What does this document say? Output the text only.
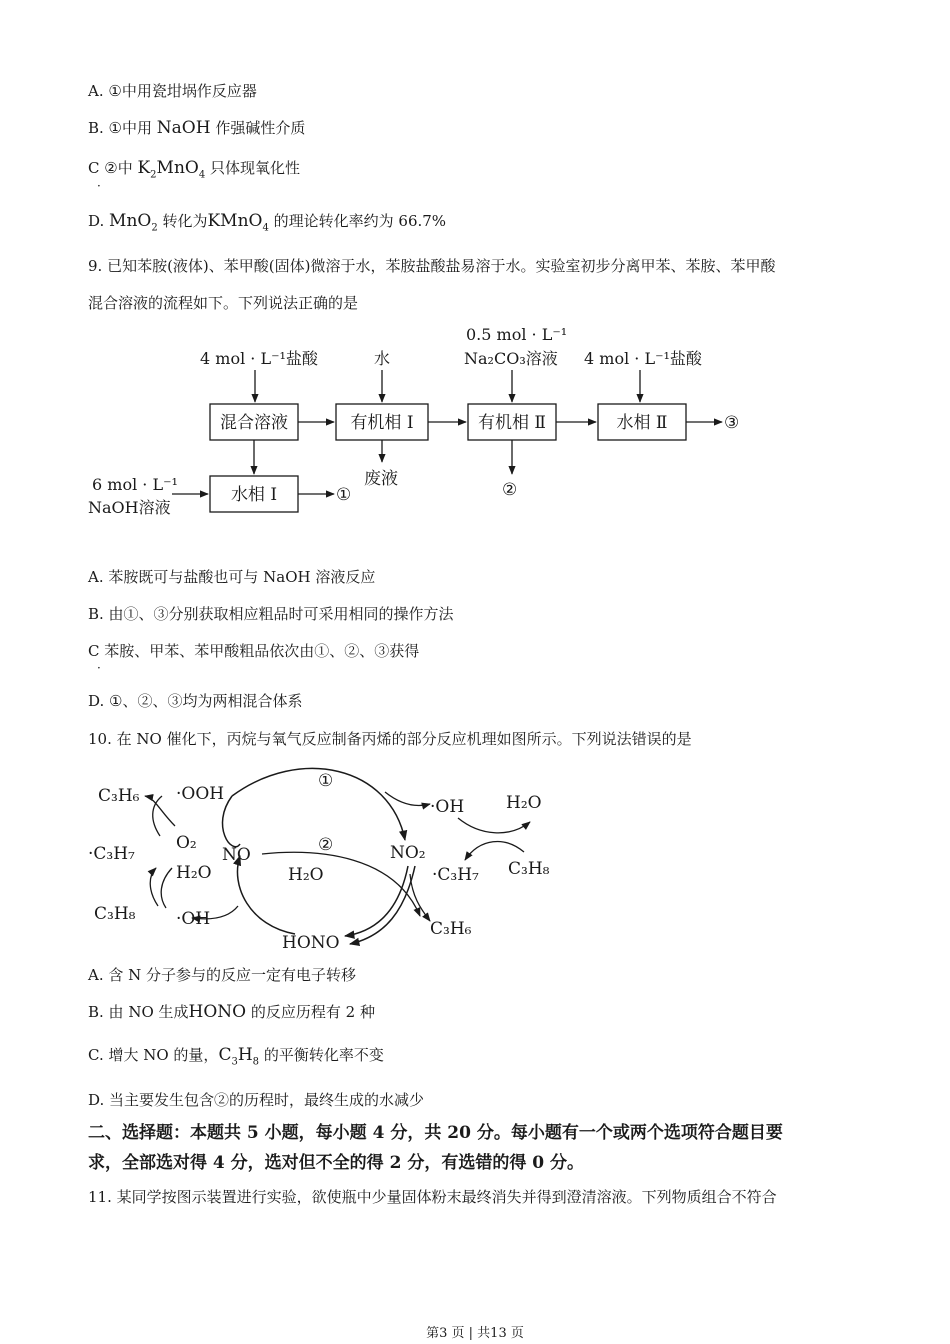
A. ①中用瓷坩埚作反应器
B. ①中用 NaOH 作强碱性介质
C ②中 $K_2MnO_4$ 只体现氧化性
·
D. MnO$_2$ 转化为KMnO$_4$ 的理论转化率约为 66.7%
9. 已知苯胺(液体)、苯甲酸(固体)微溶于水，苯胺盐酸盐易溶于水。实验室初步分离甲苯、苯胺、苯甲酸
混合溶液的流程如下。下列说法正确的是
4 mol · L⁻¹盐酸	水
0.5 mol · L⁻¹
Na₂CO₃溶液 4 mol · L⁻¹盐酸
混合溶液	有机相 I	有机相 Ⅱ	水相 Ⅱ
水相 I
③
废液
②
6 mol · L⁻¹
NaOH溶液
①
A. 苯胺既可与盐酸也可与 NaOH 溶液反应
B. 由①、③分别获取相应粗品时可采用相同的操作方法
C 苯胺、甲苯、苯甲酸粗品依次由①、②、③获得
·
D. ①、②、③均为两相混合体系
10. 在 NO 催化下，丙烷与氧气反应制备丙烯的部分反应机理如图所示。下列说法错误的是
C₃H₆ ·OOH
O₂
·C₃H₇
H₂O
C₃H₈ ·OH
NO
HONO
NO₂
H₂O
①
②
·OH H₂O
·C₃H₇ C₃H₈
C₃H₆
A. 含 N 分子参与的反应一定有电子转移
B. 由 NO 生成HONO 的反应历程有 2 种
C. 增大 NO 的量，$C_3H_8$ 的平衡转化率不变
D. 当主要发生包含②的历程时，最终生成的水减少
二、选择题：本题共 5 小题，每小题 4 分，共 20 分。每小题有一个或两个选项符合题目要
求，全部选对得 4 分，选对但不全的得 2 分，有选错的得 0 分。
11. 某同学按图示装置进行实验，欲使瓶中少量固体粉末最终消失并得到澄清溶液。下列物质组合不符合
第3 页 | 共13 页
